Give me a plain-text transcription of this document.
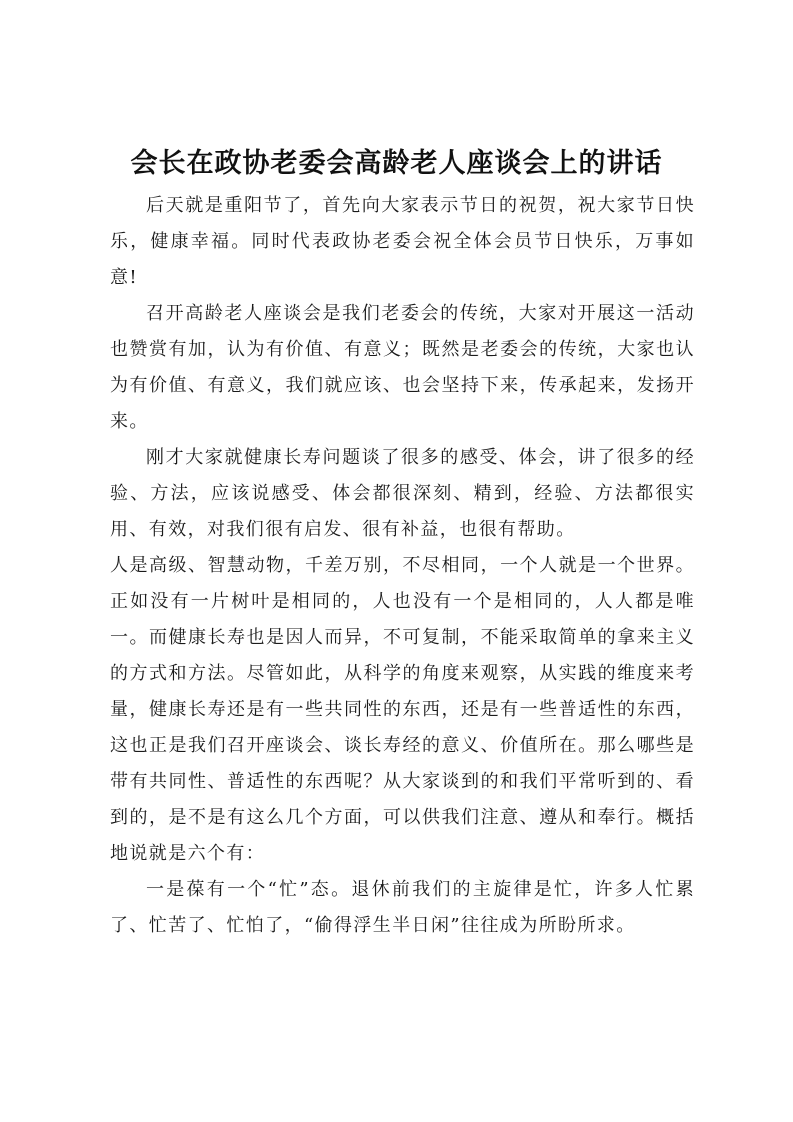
会长在政协老委会高龄老人座谈会上的讲话

后天就是重阳节了，首先向大家表示节日的祝贺，祝大家节日快乐，健康幸福。同时代表政协老委会祝全体会员节日快乐，万事如意!

召开高龄老人座谈会是我们老委会的传统，大家对开展这一活动也赞赏有加，认为有价值、有意义；既然是老委会的传统，大家也认为有价值、有意义，我们就应该、也会坚持下来，传承起来，发扬开来。

刚才大家就健康长寿问题谈了很多的感受、体会，讲了很多的经验、方法，应该说感受、体会都很深刻、精到，经验、方法都很实用、有效，对我们很有启发、很有补益，也很有帮助。

人是高级、智慧动物，千差万别，不尽相同，一个人就是一个世界。正如没有一片树叶是相同的，人也没有一个是相同的，人人都是唯一。而健康长寿也是因人而异，不可复制，不能采取简单的拿来主义的方式和方法。尽管如此，从科学的角度来观察，从实践的维度来考量，健康长寿还是有一些共同性的东西，还是有一些普适性的东西，这也正是我们召开座谈会、谈长寿经的意义、价值所在。那么哪些是带有共同性、普适性的东西呢？从大家谈到的和我们平常听到的、看到的，是不是有这么几个方面，可以供我们注意、遵从和奉行。概括地说就是六个有：

一是葆有一个“忙”态。退休前我们的主旋律是忙，许多人忙累了、忙苦了、忙怕了，“偷得浮生半日闲”往往成为所盼所求。
